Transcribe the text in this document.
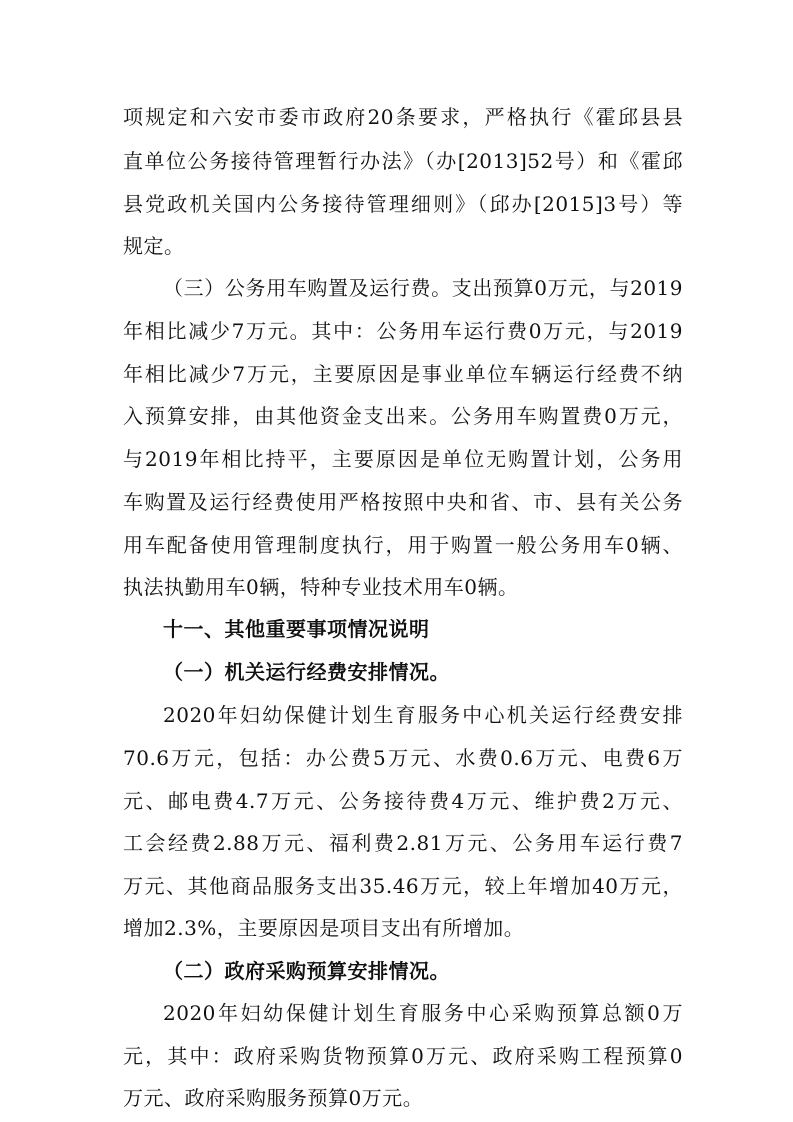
项规定和六安市委市政府20条要求，严格执行《霍邱县县
直单位公务接待管理暂行办法》（办[2013]52号）和《霍邱
县党政机关国内公务接待管理细则》（邱办[2015]3号）等
规定。
（三）公务用车购置及运行费。支出预算0万元，与2019
年相比减少7万元。其中：公务用车运行费0万元，与2019
年相比减少7万元，主要原因是事业单位车辆运行经费不纳
入预算安排，由其他资金支出来。公务用车购置费0万元，
与2019年相比持平，主要原因是单位无购置计划，公务用
车购置及运行经费使用严格按照中央和省、市、县有关公务
用车配备使用管理制度执行，用于购置一般公务用车0辆、
执法执勤用车0辆，特种专业技术用车0辆。
十一、其他重要事项情况说明
（一）机关运行经费安排情况。
2020年妇幼保健计划生育服务中心机关运行经费安排
70.6万元，包括：办公费5万元、水费0.6万元、电费6万
元、邮电费4.7万元、公务接待费4万元、维护费2万元、
工会经费2.88万元、福利费2.81万元、公务用车运行费7
万元、其他商品服务支出35.46万元，较上年增加40万元，
增加2.3%，主要原因是项目支出有所增加。
（二）政府采购预算安排情况。
2020年妇幼保健计划生育服务中心采购预算总额0万
元，其中：政府采购货物预算0万元、政府采购工程预算0
万元、政府采购服务预算0万元。
